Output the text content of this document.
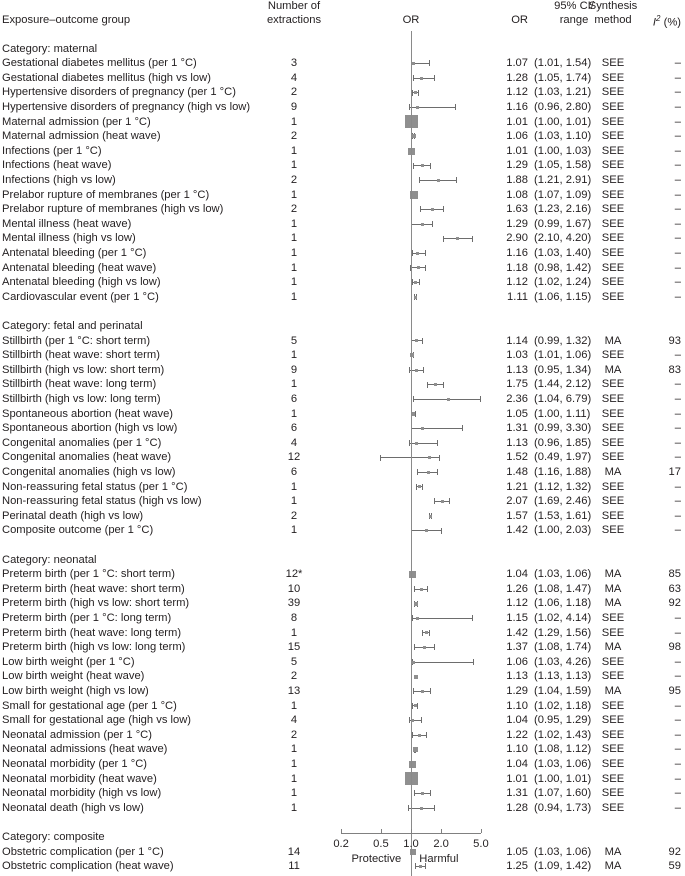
Exposure–outcome group
Number of
extractions	OR	OR
95% CI/
range
Synthesis
method	$I^2$ (%)
Category: maternal
Gestational diabetes mellitus (per 1 °C)	3	1.07 (1.01, 1.54) SEE	–
Gestational diabetes mellitus (high vs low)	4	1.28 (1.05, 1.74) SEE	–
Hypertensive disorders of pregnancy (per 1 °C)	2	1.12 (1.03, 1.21) SEE	–
Hypertensive disorders of pregnancy (high vs low)	9	1.16 (0.96, 2.80) SEE	–
Maternal admission (per 1 °C)	1	1.01 (1.00, 1.01) SEE	–
Maternal admission (heat wave)	2	1.06 (1.03, 1.10) SEE	–
Infections (per 1 °C)	1	1.01 (1.00, 1.03) SEE	–
Infections (heat wave)	1	1.29 (1.05, 1.58) SEE	–
Infections (high vs low)	2	1.88 (1.21, 2.91) SEE	–
Prelabor rupture of membranes (per 1 °C)	1	1.08 (1.07, 1.09) SEE	–
Prelabor rupture of membranes (high vs low)	2	1.63 (1.23, 2.16) SEE	–
Mental illness (heat wave)	1	1.29 (0.99, 1.67) SEE	–
Mental illness (high vs low)	1	2.90 (2.10, 4.20) SEE	–
Antenatal bleeding (per 1 °C)	1	1.16 (1.03, 1.40) SEE	–
Antenatal bleeding (heat wave)	1	1.18 (0.98, 1.42) SEE	–
Antenatal bleeding (high vs low)	1	1.12 (1.02, 1.24) SEE	–
Cardiovascular event (per 1 °C)	1	1.11 (1.06, 1.15) SEE	–
Category: fetal and perinatal
Stillbirth (per 1 °C: short term)	5	1.14 (0.99, 1.32) MA	93
Stillbirth (heat wave: short term)	1	1.03 (1.01, 1.06) SEE	–
Stillbirth (high vs low: short term)	9	1.13 (0.95, 1.34) MA	83
Stillbirth (heat wave: long term)	1	1.75 (1.44, 2.12) SEE	–
Stillbirth (high vs low: long term)	6	2.36 (1.04, 6.79) SEE	–
Spontaneous abortion (heat wave)	1	1.05 (1.00, 1.11) SEE	–
Spontaneous abortion (high vs low)	6	1.31 (0.99, 3.30) SEE	–
Congenital anomalies (per 1 °C)	4	1.13 (0.96, 1.85) SEE	–
Congenital anomalies (heat wave)	12	1.52 (0.49, 1.97) SEE	–
Congenital anomalies (high vs low)	6	1.48 (1.16, 1.88) MA	17
Non-reassuring fetal status (per 1 °C)	1	1.21 (1.12, 1.32) SEE	–
Non-reassuring fetal status (high vs low)	1	2.07 (1.69, 2.46) SEE	–
Perinatal death (high vs low)	2	1.57 (1.53, 1.61) SEE	–
Composite outcome (per 1 °C)	1	1.42 (1.00, 2.03) SEE	–
Category: neonatal
Preterm birth (per 1 °C: short term)	12*	1.04 (1.03, 1.06) MA	85
Preterm birth (heat wave: short term)	10	1.26 (1.08, 1.47) MA	63
Preterm birth (high vs low: short term)	39	1.12 (1.06, 1.18) MA	92
Preterm birth (per 1 °C: long term)	8	1.15 (1.02, 4.14) SEE	–
Preterm birth (heat wave: long term)	1	1.42 (1.29, 1.56) SEE	–
Preterm birth (high vs low: long term)	15	1.37 (1.08, 1.74) MA	98
Low birth weight (per 1 °C)	5	1.06 (1.03, 4.26) SEE	–
Low birth weight (heat wave)	2	1.13 (1.13, 1.13) SEE	–
Low birth weight (high vs low)	13	1.29 (1.04, 1.59) MA	95
Small for gestational age (per 1 °C)	1	1.10 (1.02, 1.18) SEE	–
Small for gestational age (high vs low)	4	1.04 (0.95, 1.29) SEE	–
Neonatal admission (per 1 °C)	2	1.22 (1.02, 1.43) SEE	–
Neonatal admissions (heat wave)	1	1.10 (1.08, 1.12) SEE	–
Neonatal morbidity (per 1 °C)	1	1.04 (1.03, 1.06) SEE	–
Neonatal morbidity (heat wave)	1	1.01 (1.00, 1.01) SEE	–
Neonatal morbidity (high vs low)	1	1.31 (1.07, 1.60) SEE	–
Neonatal death (high vs low)	1	1.28 (0.94, 1.73) SEE	–
Category: composite
Obstetric complication (per 1 °C)	14	1.05 (1.03, 1.06) MA	92
Obstetric complication (heat wave)	11	1.25 (1.09, 1.42) MA	59
0.2 0.5 1.0 2.0 5.0
Protective Harmful
